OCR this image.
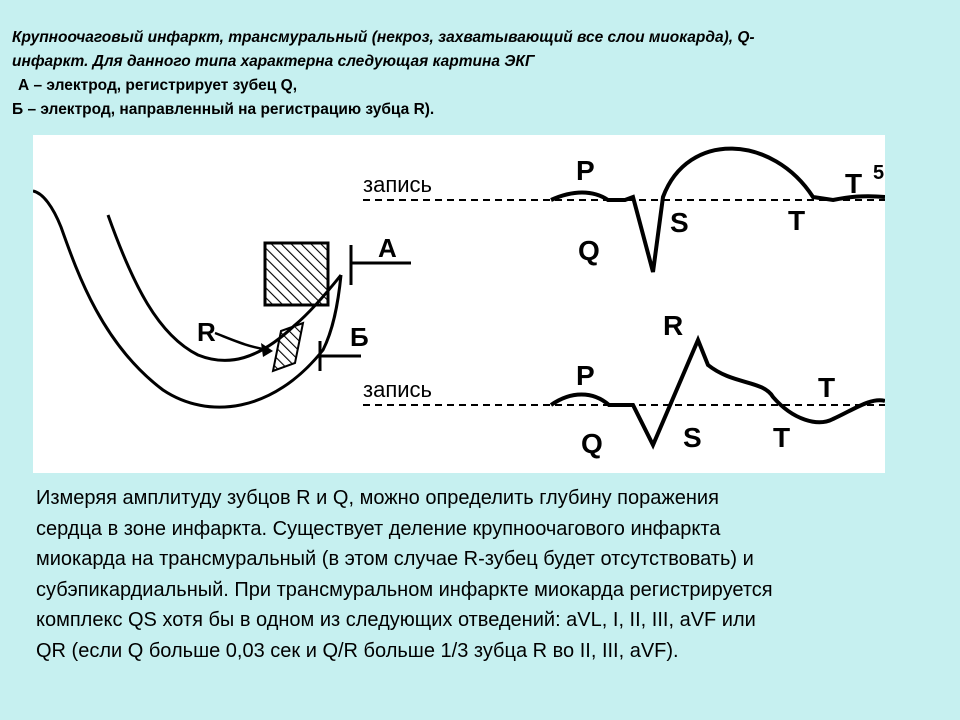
Крупноочаговый инфаркт, трансмуральный (некроз, захватывающий все слои миокарда), Q-
инфаркт. Для данного типа характерна следующая картина ЭКГ
А – электрод, регистрирует зубец Q,
Б – электрод, направленный на регистрацию зубца R).
R
А
Б
запись	P
Q
S	T
T 5
запись	P
R
Q	S	T
T
Измеряя амплитуду зубцов R и Q, можно определить глубину поражения
сердца в зоне инфаркта. Существует деление крупноочагового инфаркта
миокарда на трансмуральный (в этом случае R-зубец будет отсутствовать) и
субэпикардиальный. При трансмуральном инфаркте миокарда регистрируется
комплекс QS хотя бы в одном из следующих отведений: aVL, I, II, III, aVF или
QR (если Q больше 0,03 сек и Q/R больше 1/3 зубца R во II, III, aVF).
